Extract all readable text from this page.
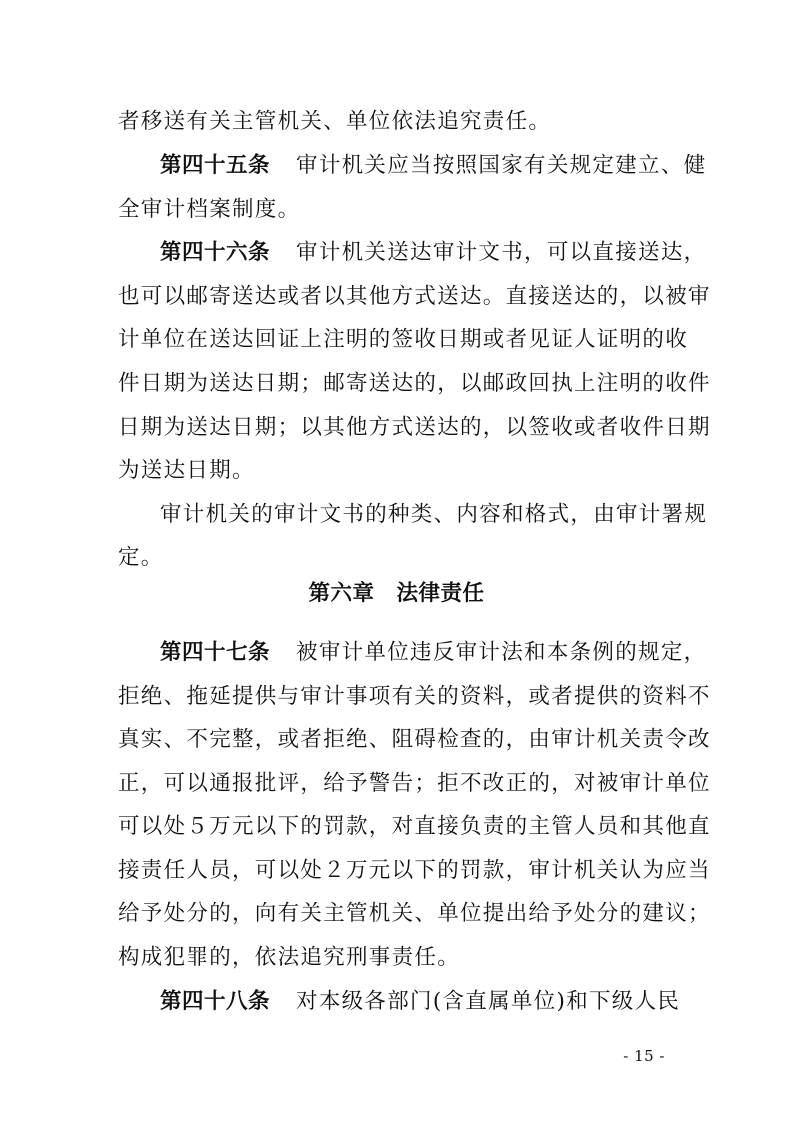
者移送有关主管机关、单位依法追究责任。
第四十五条 审计机关应当按照国家有关规定建立、健
全审计档案制度。
第四十六条 审计机关送达审计文书，可以直接送达，
也可以邮寄送达或者以其他方式送达。直接送达的，以被审
计单位在送达回证上注明的签收日期或者见证人证明的收
件日期为送达日期；邮寄送达的，以邮政回执上注明的收件
日期为送达日期；以其他方式送达的，以签收或者收件日期
为送达日期。
审计机关的审计文书的种类、内容和格式，由审计署规
定。
第六章 法律责任
第四十七条 被审计单位违反审计法和本条例的规定，
拒绝、拖延提供与审计事项有关的资料，或者提供的资料不
真实、不完整，或者拒绝、阻碍检查的，由审计机关责令改
正，可以通报批评，给予警告；拒不改正的，对被审计单位
可以处５万元以下的罚款，对直接负责的主管人员和其他直
接责任人员，可以处２万元以下的罚款，审计机关认为应当
给予处分的，向有关主管机关、单位提出给予处分的建议；
构成犯罪的，依法追究刑事责任。
第四十八条 对本级各部门(含直属单位)和下级人民
- 15 -
